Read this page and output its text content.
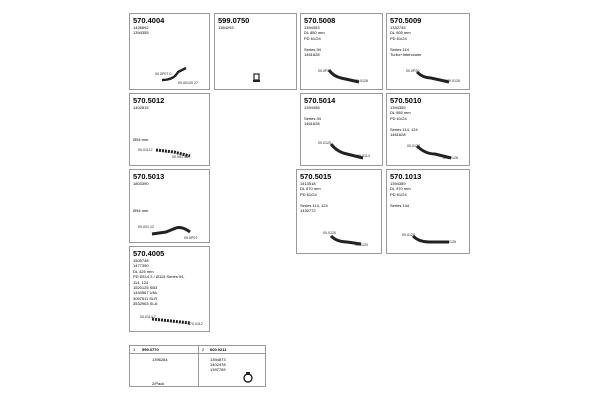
570.4004
1426692
1394355
00.0P07.0
00.00120 27
599.0750
1364293
570.5008
1394353
DL 850 mm
PD 61/24

Series 94
1461628
00.0P20
570.0126
570.5009
1332745
DL 905 mm
PD 61/24

Series 114
Turbo+Intercooler
00.0P20
570.0126
570.5012
1402815

Ø94 mm
00.01112
00.001 46
570.5014
1394358

Series 94
1461628
00.0120
00.0114
570.5010
1394359
DL 955 mm
PD 61/24

Series 114, 124
1461628
00.0120
570.0126
570.5013
1803390

Ø94 mm
00.001 12
00.0P07
570.5015
1413518
DL 670 mm
PD 61/24

Series 114, 124
1430772
00.0120
00.0120
570.1013
1394359
DL 970 mm
PD 61/24

Series 144
00.0120
570.0126
570.4005
1505748
1477390
DL 425 mm
PD Ø114.3 / Ø115 Series 94,
114, 124
1520125 SB3
1440567 UNL
3097511 SLR
3532963 SLA
00.0114.7
570.0112
1 599.0770
1396284
2/Pack
2 600.0211
1394873
1402478
1397769
